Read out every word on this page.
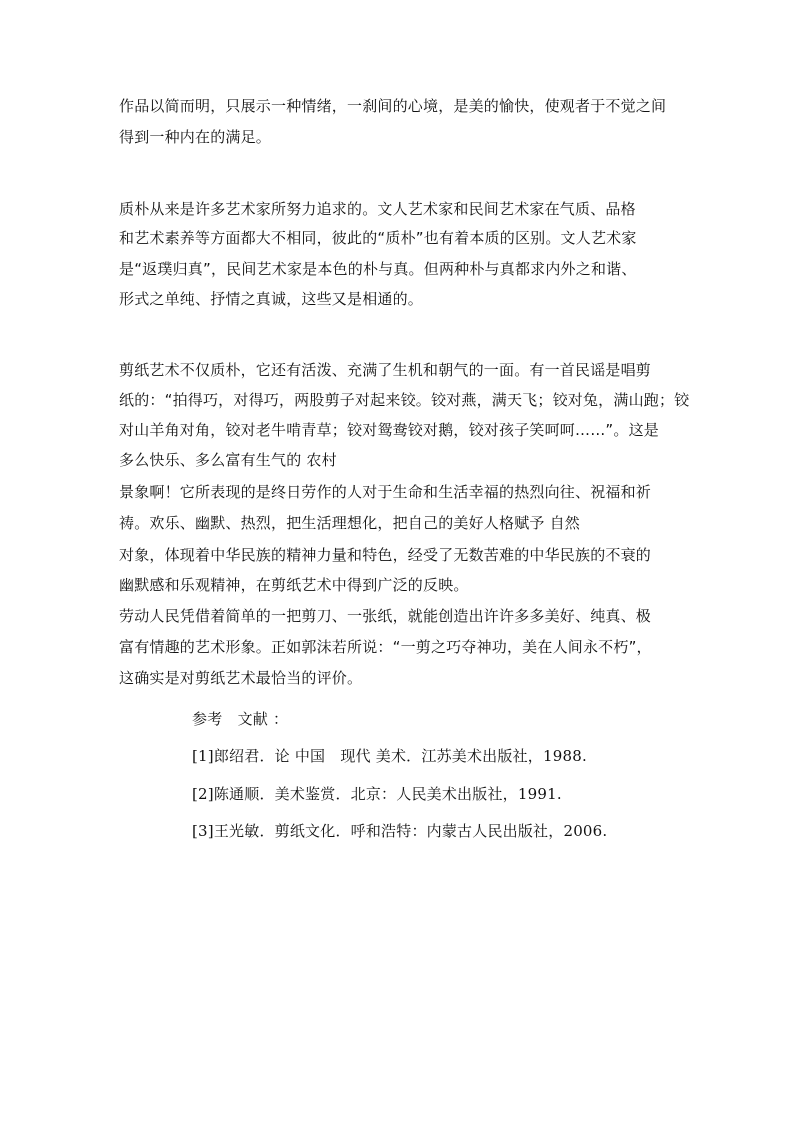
作品以简而明，只展示一种情绪，一刹间的心境，是美的愉快，使观者于不觉之间
得到一种内在的满足。
质朴从来是许多艺术家所努力追求的。文人艺术家和民间艺术家在气质、品格
和艺术素养等方面都大不相同，彼此的“质朴”也有着本质的区别。文人艺术家
是“返璞归真”，民间艺术家是本色的朴与真。但两种朴与真都求内外之和谐、
形式之单纯、抒情之真诚，这些又是相通的。
剪纸艺术不仅质朴，它还有活泼、充满了生机和朝气的一面。有一首民谣是唱剪
纸的：“拍得巧，对得巧，两股剪子对起来铰。铰对燕，满天飞；铰对兔，满山跑；铰
对山羊角对角，铰对老牛啃青草；铰对鸳鸯铰对鹅，铰对孩子笑呵呵……”。这是
多么快乐、多么富有生气的 农村
景象啊！它所表现的是终日劳作的人对于生命和生活幸福的热烈向往、祝福和祈
祷。欢乐、幽默、热烈，把生活理想化，把自己的美好人格赋予 自然
对象，体现着中华民族的精神力量和特色，经受了无数苦难的中华民族的不衰的
幽默感和乐观精神，在剪纸艺术中得到广泛的反映。
劳动人民凭借着简单的一把剪刀、一张纸，就能创造出许许多多美好、纯真、极
富有情趣的艺术形象。正如郭沫若所说：“一剪之巧夺神功，美在人间永不朽”，
这确实是对剪纸艺术最恰当的评价。
参考　文献 ：
[1]郎绍君．论 中国　现代 美术．江苏美术出版社，1988.
[2]陈通顺．美术鉴赏．北京：人民美术出版社，1991.
[3]王光敏．剪纸文化．呼和浩特：内蒙古人民出版社，2006.
